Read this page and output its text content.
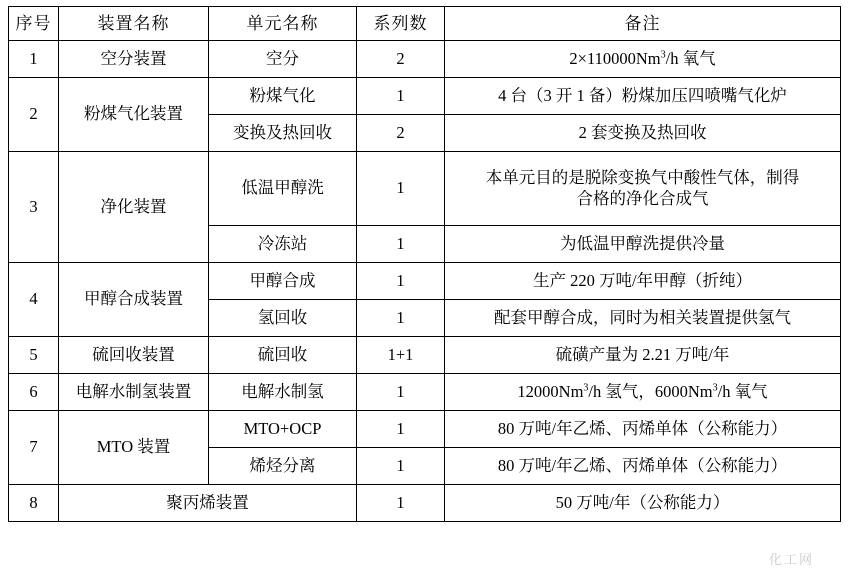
序号	装置名称	单元名称	系列数	备注
1	空分装置	空分	2	$2\times 110000Nm^3/h$ 氧气
2	粉煤气化装置	粉煤气化	1	4 台（3 开 1 备）粉煤加压四喷嘴气化炉
		变换及热回收	2	2 套变换及热回收
3	净化装置	低温甲醇洗	1	本单元目的是脱除变换气中酸性气体，制得
合格的净化合成气

		冷冻站	1	为低温甲醇洗提供冷量
4	甲醇合成装置	甲醇合成	1	生产 220 万吨/年甲醇（折纯）
		氢回收	1	配套甲醇合成，同时为相关装置提供氢气
5	硫回收装置	硫回收	1+1	硫磺产量为 2.21 万吨/年
6	电解水制氢装置	电解水制氢	1	12000Nm$^3$/h 氢气，6000Nm$^3$/h 氧气
7	MTO 装置	MTO+OCP	1	80 万吨/年乙烯、丙烯单体（公称能力）
		烯烃分离	1	80 万吨/年乙烯、丙烯单体（公称能力）
8	聚丙烯装置		1	50 万吨/年（公称能力）
化工网
